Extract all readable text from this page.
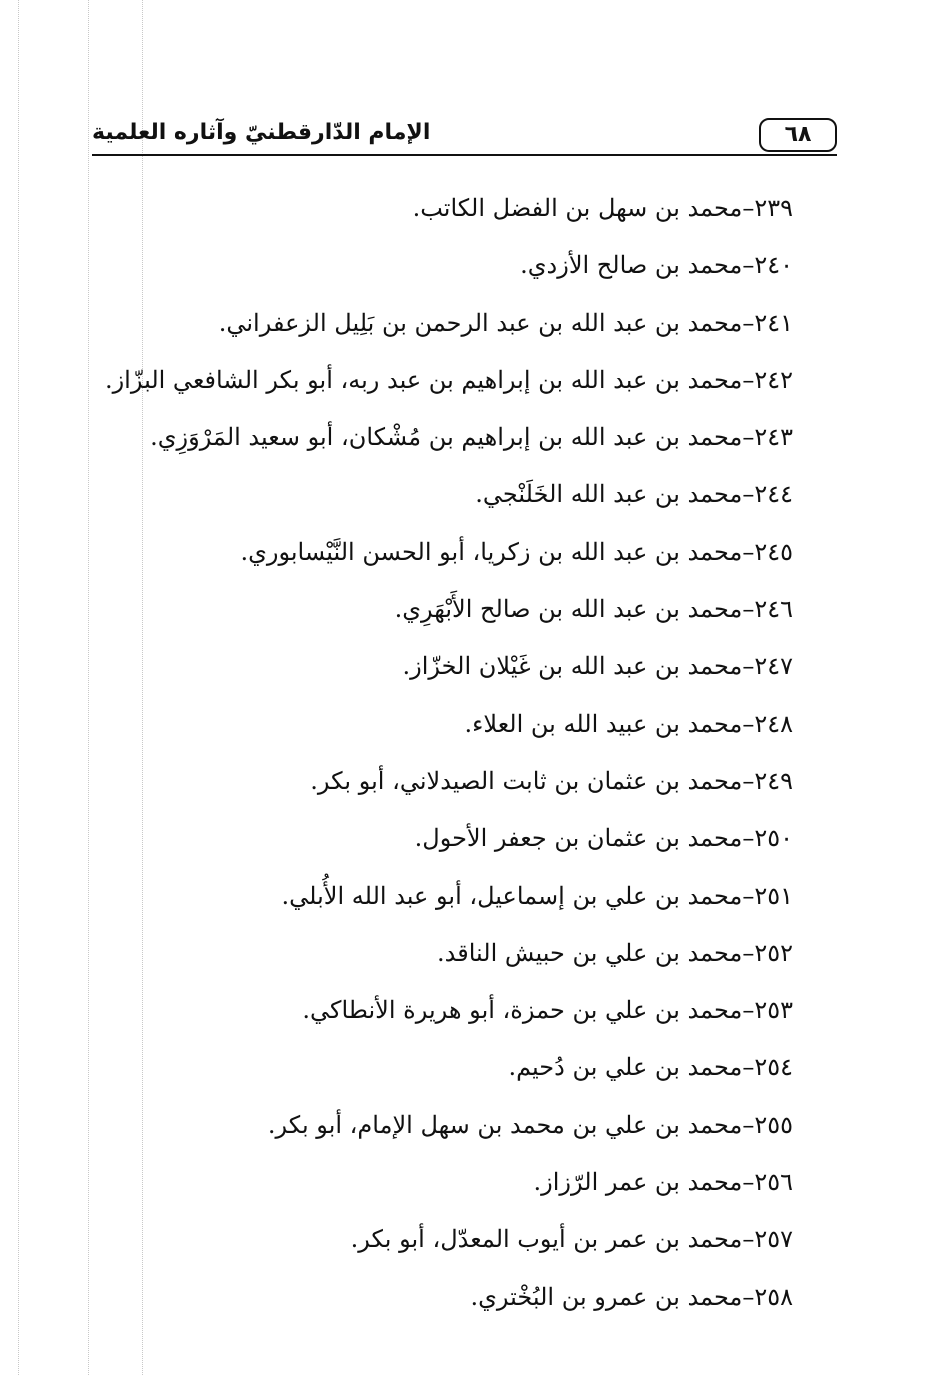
الإمام الدّارقطنيّ وآثاره العلمية	٦٨
٢٣٩–محمد بن سهل بن الفضل الكاتب.
٢٤٠–محمد بن صالح الأزدي.
٢٤١–محمد بن عبد الله بن عبد الرحمن بن بَلِيل الزعفراني.
٢٤٢–محمد بن عبد الله بن إبراهيم بن عبد ربه، أبو بكر الشافعي البزّاز.
٢٤٣–محمد بن عبد الله بن إبراهيم بن مُشْكان، أبو سعيد المَرْوَزِي.
٢٤٤–محمد بن عبد الله الخَلَنْجي.
٢٤٥–محمد بن عبد الله بن زكريا، أبو الحسن النَّيْسابوري.
٢٤٦–محمد بن عبد الله بن صالح الأَبْهَرِي.
٢٤٧–محمد بن عبد الله بن غَيْلان الخزّاز.
٢٤٨–محمد بن عبيد الله بن العلاء.
٢٤٩–محمد بن عثمان بن ثابت الصيدلاني، أبو بكر.
٢٥٠–محمد بن عثمان بن جعفر الأحول.
٢٥١–محمد بن علي بن إسماعيل، أبو عبد الله الأُبلي.
٢٥٢–محمد بن علي بن حبيش الناقد.
٢٥٣–محمد بن علي بن حمزة، أبو هريرة الأنطاكي.
٢٥٤–محمد بن علي بن دُحيم.
٢٥٥–محمد بن علي بن محمد بن سهل الإمام، أبو بكر.
٢٥٦–محمد بن عمر الرّزاز.
٢٥٧–محمد بن عمر بن أيوب المعدّل، أبو بكر.
٢٥٨–محمد بن عمرو بن البُخْتري.
